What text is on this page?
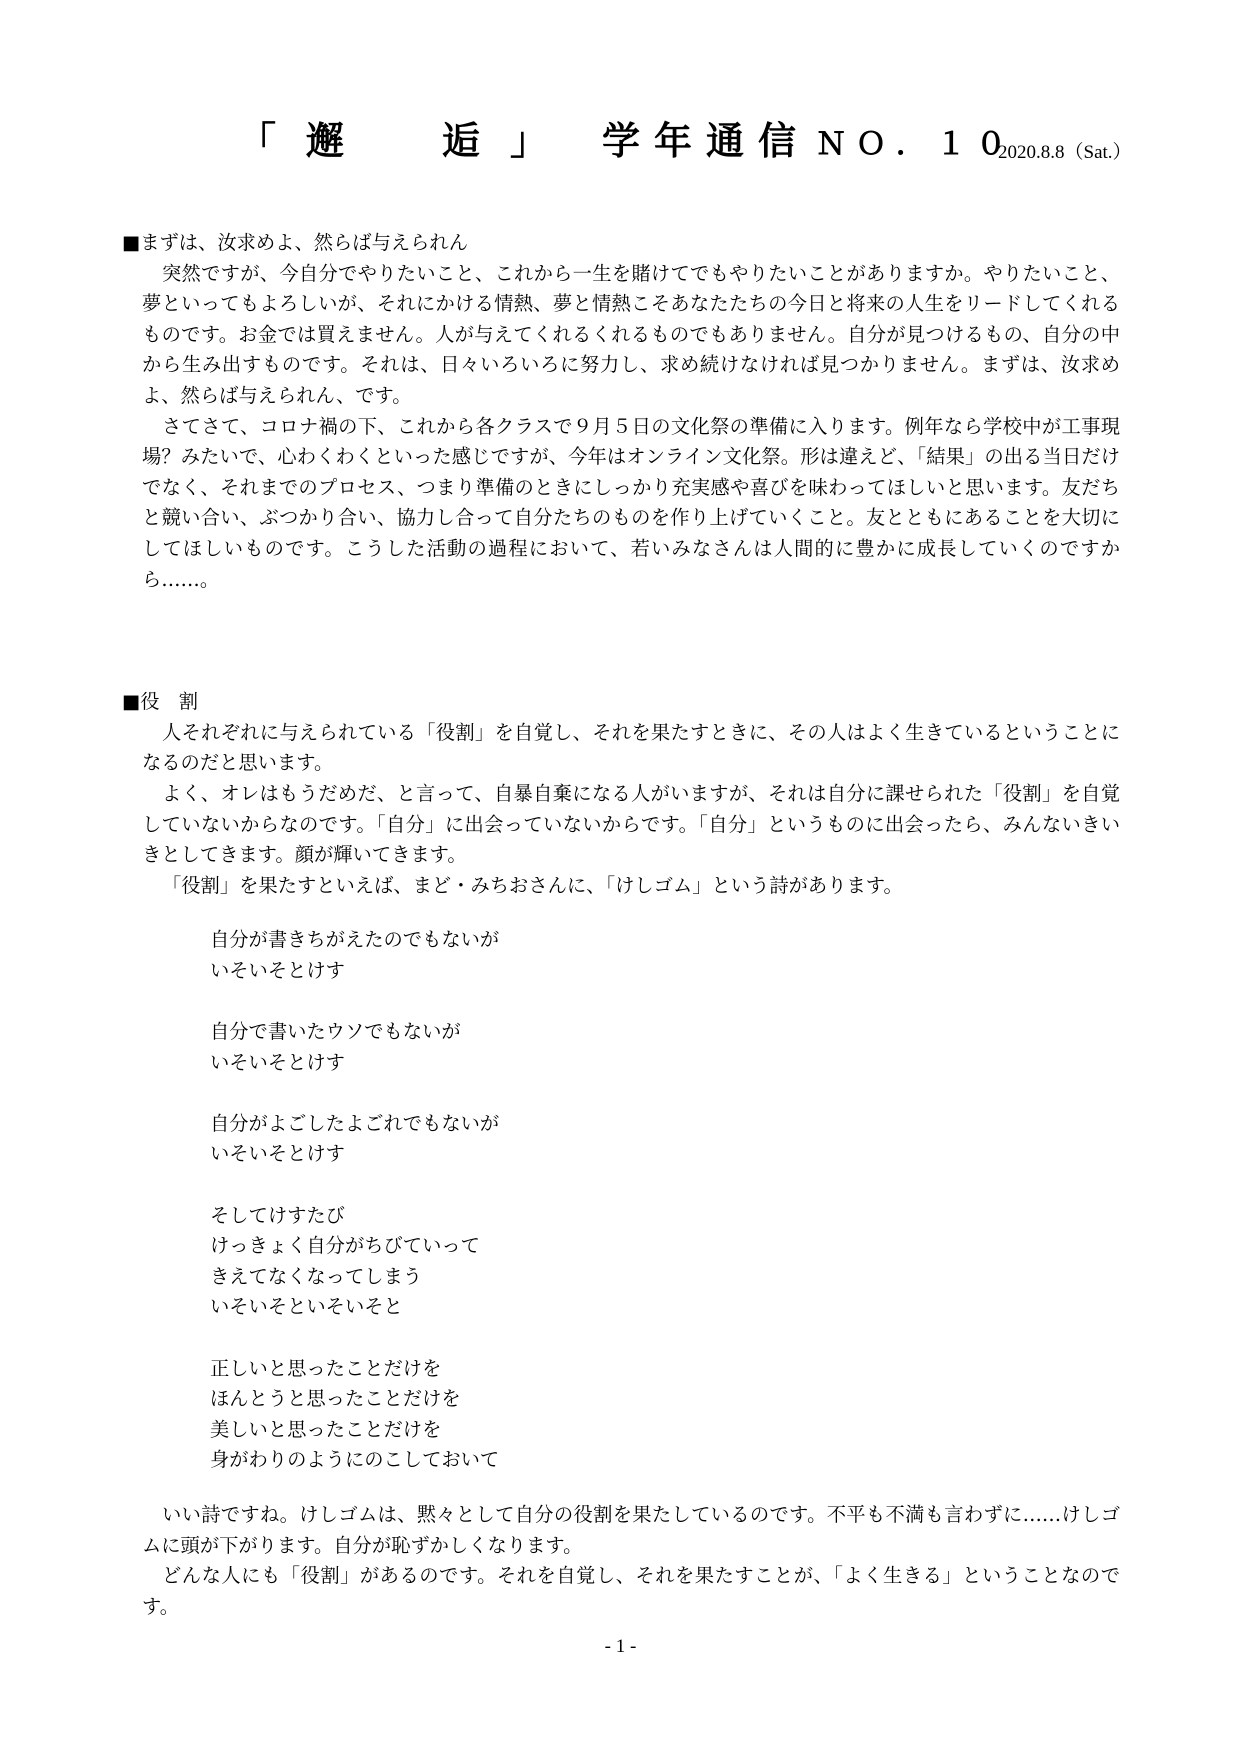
「邂　逅」 学年通信 ＮＯ．１０
2020.8.8（Sat.）

■まずは、汝求めよ、然らば与えられん

突然ですが、今自分でやりたいこと、これから一生を賭けてでもやりたいことがありますか。やりたいこと、夢といってもよろしいが、それにかける情熱、夢と情熱こそあなたたちの今日と将来の人生をリードしてくれるものです。お金では買えません。人が与えてくれるくれるものでもありません。自分が見つけるもの、自分の中から生み出すものです。それは、日々いろいろに努力し、求め続けなければ見つかりません。まずは、汝求めよ、然らば与えられん、です。

さてさて、コロナ禍の下、これから各クラスで９月５日の文化祭の準備に入ります。例年なら学校中が工事現場？みたいで、心わくわくといった感じですが、今年はオンライン文化祭。形は違えど、「結果」の出る当日だけでなく、それまでのプロセス、つまり準備のときにしっかり充実感や喜びを味わってほしいと思います。友だちと競い合い、ぶつかり合い、協力し合って自分たちのものを作り上げていくこと。友とともにあることを大切にしてほしいものです。こうした活動の過程において、若いみなさんは人間的に豊かに成長していくのですから……。

■役　割

人それぞれに与えられている「役割」を自覚し、それを果たすときに、その人はよく生きているということになるのだと思います。

よく、オレはもうだめだ、と言って、自暴自棄になる人がいますが、それは自分に課せられた「役割」を自覚していないからなのです。「自分」に出会っていないからです。「自分」というものに出会ったら、みんないきいきとしてきます。顔が輝いてきます。

「役割」を果たすといえば、まど・みちおさんに、「けしゴム」という詩があります。

自分が書きちがえたのでもないが

いそいそとけす

自分で書いたウソでもないが

いそいそとけす

自分がよごしたよごれでもないが

いそいそとけす

そしてけすたび

けっきょく自分がちびていって

きえてなくなってしまう

いそいそといそいそと

正しいと思ったことだけを

ほんとうと思ったことだけを

美しいと思ったことだけを

身がわりのようにのこしておいて

いい詩ですね。けしゴムは、黙々として自分の役割を果たしているのです。不平も不満も言わずに……けしゴムに頭が下がります。自分が恥ずかしくなります。

どんな人にも「役割」があるのです。それを自覚し、それを果たすことが、「よく生きる」ということなのです。

- 1 -
